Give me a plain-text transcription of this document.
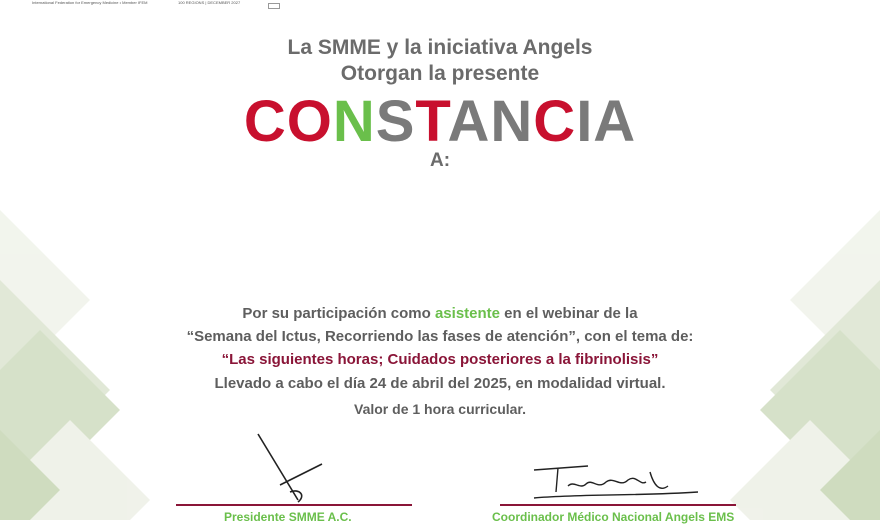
International Federation for Emergency Medicine • Member IFEM	100 REGIONS | DECEMBER 2027
La SMME y la iniciativa Angels
Otorgan la presente
CONSTANCIA
A:
Por su participación como asistente en el webinar de la
“Semana del Ictus, Recorriendo las fases de atención”, con el tema de:
“Las siguientes horas; Cuidados posteriores a la fibrinolisis”
Llevado a cabo el día 24 de abril del 2025, en modalidad virtual.
Valor de 1 hora curricular.
Presidente SMME A.C.	Coordinador Médico Nacional Angels EMS
